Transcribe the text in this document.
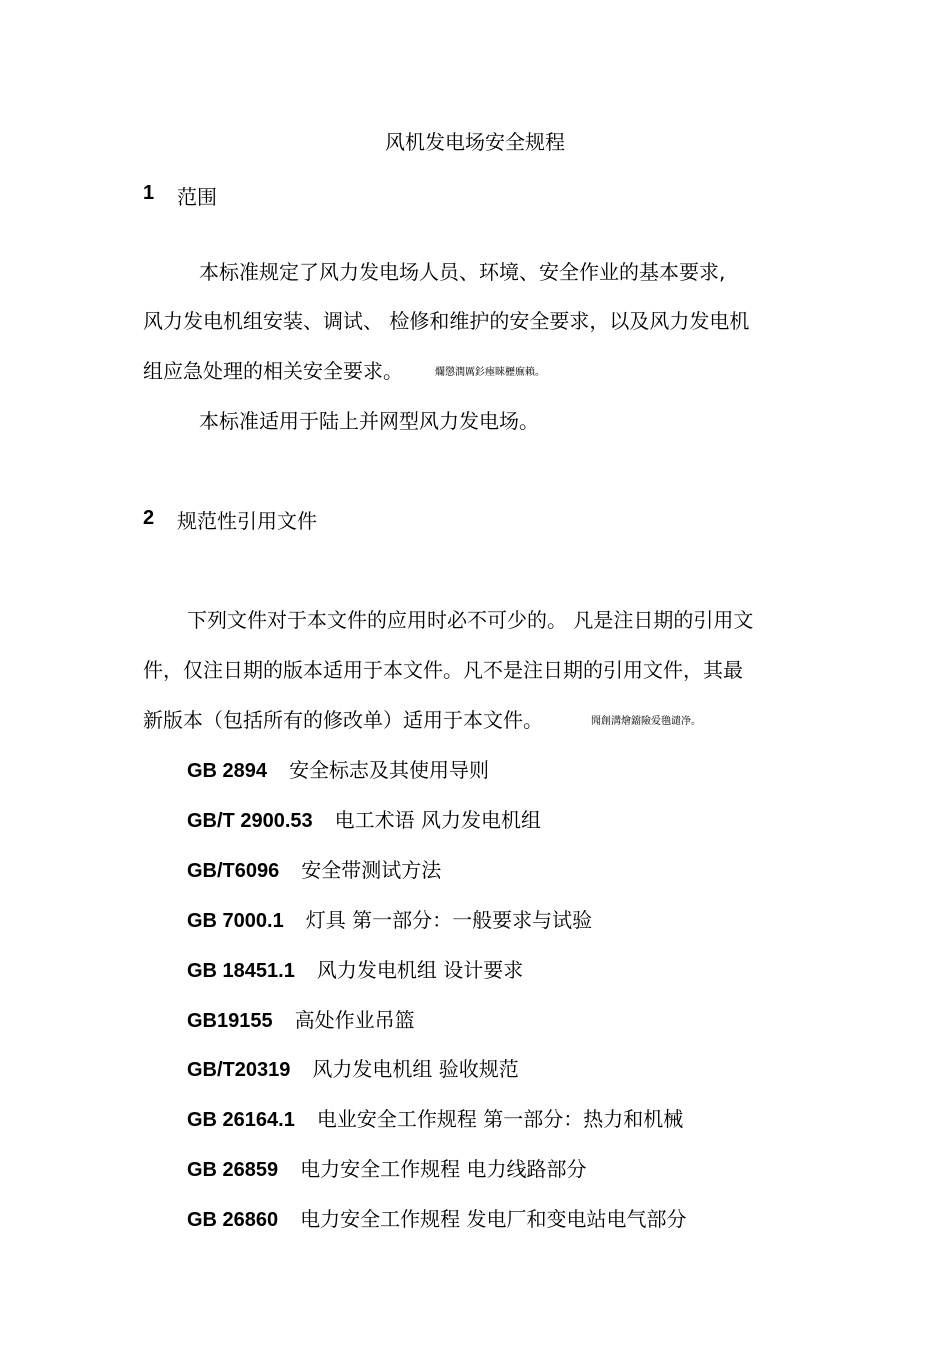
风机发电场安全规程
1 范围
本标准规定了风力发电场人员、环境、安全作业的基本要求,
风力发电机组安装、调试、 检修和维护的安全要求，以及风力发电机
组应急处理的相关安全要求。	爛懲潤厲釤瘞睞櫪廡賴。
本标准适用于陆上并网型风力发电场。
2 规范性引用文件
下列文件对于本文件的应用时必不可少的。 凡是注日期的引用文
件，仅注日期的版本适用于本文件。凡不是注日期的引用文件，其最
新版本（包括所有的修改单）适用于本文件。	聞創溝燴鐺險爱氇谴净。
GB 2894 安全标志及其使用导则
GB/T 2900.53 电工术语 风力发电机组
GB/T6096 安全带测试方法
GB 7000.1 灯具 第一部分：一般要求与试验
GB 18451.1 风力发电机组 设计要求
GB19155 高处作业吊篮
GB/T20319 风力发电机组 验收规范
GB 26164.1 电业安全工作规程 第一部分：热力和机械
GB 26859 电力安全工作规程 电力线路部分
GB 26860 电力安全工作规程 发电厂和变电站电气部分
